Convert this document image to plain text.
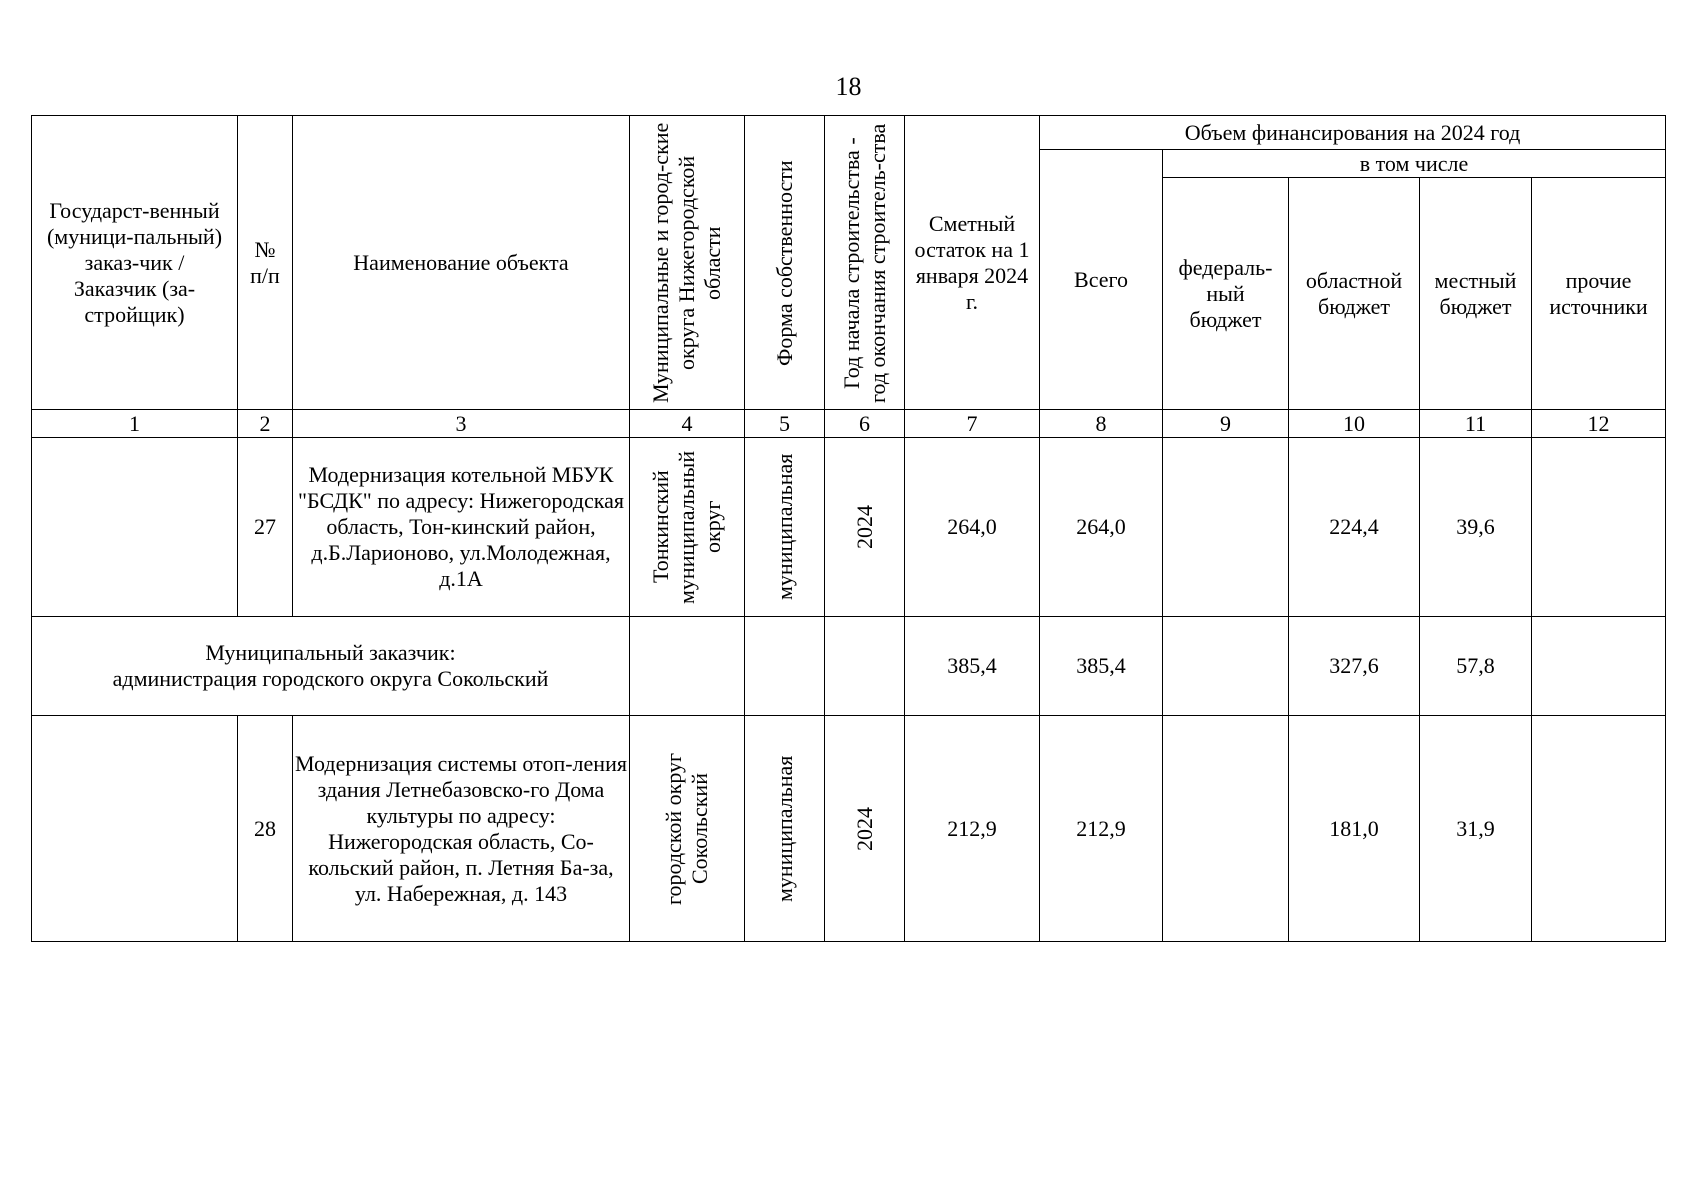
18
Государст-венный (муници-пальный) заказ-чик / Заказчик (за-стройщик)	№ п/п	Наименование объекта	Муниципальные и город-ские округа Нижегородской области	Форма собственности	Год начала строительства - год окончания строитель-ства	Сметный остаток на 1 января 2024 г.	Объем финансирования на 2024 год				
							Всего	в том числе			

								федераль-ный бюджет	областной бюджет	местный бюджет	прочие источники

1	2	3	4	5	6	7	8	9	10	11	12
	27	Модернизация котельной МБУК "БСДК" по адресу: Нижегородская область, Тон-кинский район, д.Б.Ларионово, ул.Молодежная, д.1А	Тонкинский муниципальный округ	муниципальная	2024	264,0	264,0		224,4	39,6	

Муниципальный заказчик:
администрация городского округа Сокольский						385,4	385,4		327,6	57,8	
	28	Модернизация системы отоп-ления здания Летнебазовско-го Дома культуры по адресу: Нижегородская область, Со-кольский район, п. Летняя Ба-за, ул. Набережная, д. 143	городской округ Сокольский	муниципальная	2024	212,9	212,9		181,0	31,9	
